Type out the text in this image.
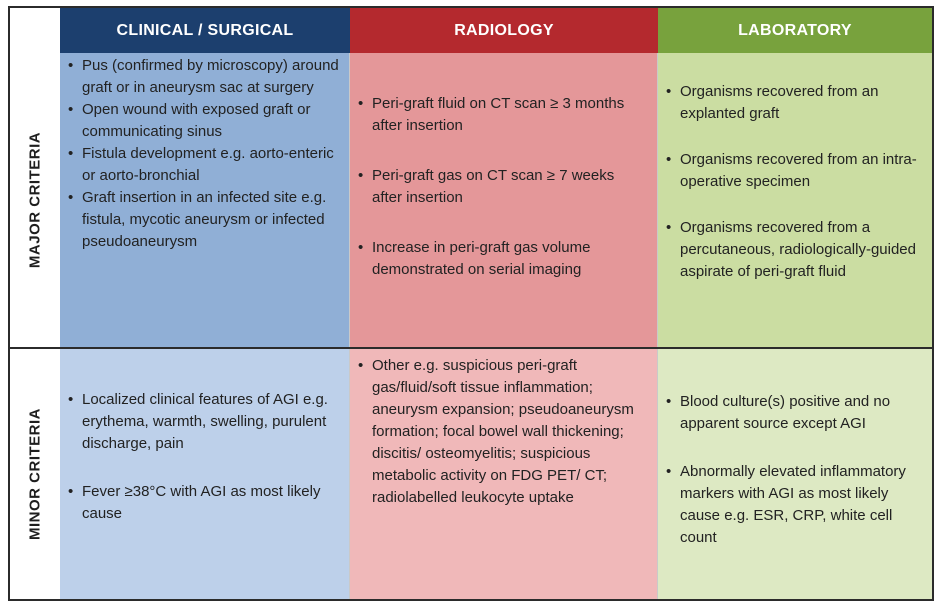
CLINICAL / SURGICAL	RADIOLOGY	LABORATORY
MAJOR CRITERIA
MINOR CRITERIA
• Pus (confirmed by microscopy) around graft or in aneurysm sac at surgery
• Open wound with exposed graft or communicating sinus
• Fistula development e.g. aorto-enteric or aorto-bronchial
• Graft insertion in an infected site e.g. fistula, mycotic aneurysm or infected pseudoaneurysm
• Peri-graft fluid on CT scan ≥ 3 months after insertion
• Peri-graft gas on CT scan ≥ 7 weeks after insertion
• Increase in peri-graft gas volume demonstrated on serial imaging
• Organisms recovered from an explanted graft
• Organisms recovered from an intra-operative specimen
• Organisms recovered from a percutaneous, radiologically-guided aspirate of peri-graft fluid
• Localized clinical features of AGI e.g. erythema, warmth, swelling, purulent discharge, pain
• Fever ≥38°C with AGI as most likely cause
• Other e.g. suspicious peri-graft gas/fluid/soft tissue inflammation; aneurysm expansion; pseudoaneurysm formation; focal bowel wall thickening; discitis/ osteomyelitis; suspicious metabolic activity on FDG PET/ CT; radiolabelled leukocyte uptake
• Blood culture(s) positive and no apparent source except AGI
• Abnormally elevated inflammatory markers with AGI as most likely cause e.g. ESR, CRP, white cell count
